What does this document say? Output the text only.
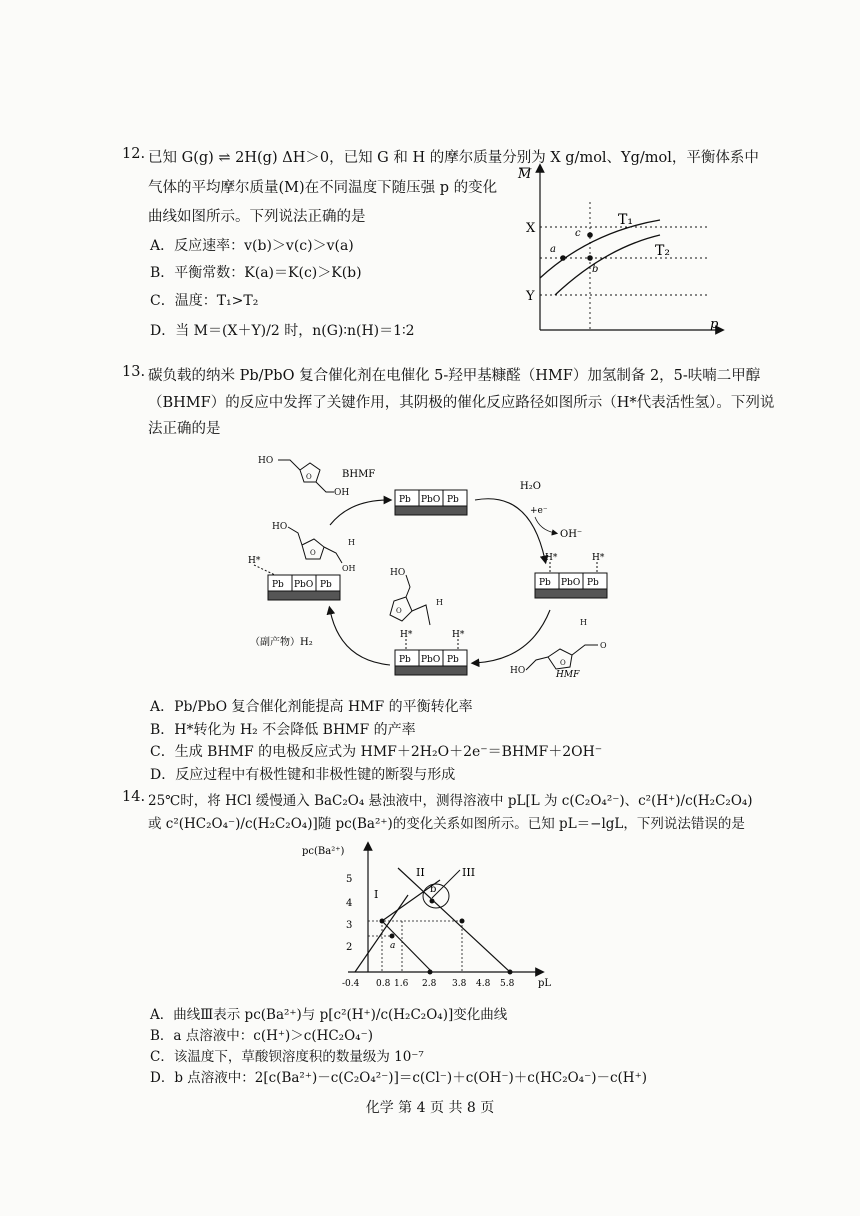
12. 已知 G(g) ⇌ 2H(g) ΔH＞0，已知 G 和 H 的摩尔质量分别为 X g/mol、Yg/mol，平衡体系中
气体的平均摩尔质量(M)在不同温度下随压强 p 的变化
曲线如图所示。下列说法正确的是
A．反应速率：v(b)＞v(c)＞v(a)
B．平衡常数：K(a)＝K(c)＞K(b)
C．温度：T₁>T₂
D．当 M＝(X＋Y)/2 时，n(G)∶n(H)＝1∶2
M
p
X
Y
T₁
T₂
a
c
b
13. 碳负载的纳米 Pb/PbO 复合催化剂在电催化 5-羟甲基糠醛（HMF）加氢制备 2，5-呋喃二甲醇
（BHMF）的反应中发挥了关键作用，其阴极的催化反应路径如图所示（H*代表活性氢）。下列说
法正确的是
Pb PbO Pb
Pb PbO Pb
Pb PbO Pb
Pb PbO Pb
H*	H*
H*	H*
H*
H₂O
+e⁻
OH⁻
（副产物）H₂
BHMF
HMF
HO
O
OH
HO
O
OH
H
HO
O
H
HO
O
O
H
A．Pb/PbO 复合催化剂能提高 HMF 的平衡转化率
B．H*转化为 H₂ 不会降低 BHMF 的产率
C．生成 BHMF 的电极反应式为 HMF＋2H₂O＋2e⁻＝BHMF＋2OH⁻
D．反应过程中有极性键和非极性键的断裂与形成
14. 25℃时，将 HCl 缓慢通入 BaC₂O₄ 悬浊液中，测得溶液中 pL[L 为 c(C₂O₄²⁻)、c²(H⁺)/c(H₂C₂O₄)
或 c²(HC₂O₄⁻)/c(H₂C₂O₄)]随 pc(Ba²⁺)的变化关系如图所示。已知 pL＝−lgL，下列说法错误的是
pc(Ba²⁺)
pL
5
4
3
2
-0.4 0.8 1.6 2.8 3.8 4.8 5.8
I
II	III
a
b
A．曲线Ⅲ表示 pc(Ba²⁺)与 p[c²(H⁺)/c(H₂C₂O₄)]变化曲线
B．a 点溶液中：c(H⁺)＞c(HC₂O₄⁻)
C．该温度下，草酸钡溶度积的数量级为 10⁻⁷
D．b 点溶液中：2[c(Ba²⁺)－c(C₂O₄²⁻)]＝c(Cl⁻)＋c(OH⁻)＋c(HC₂O₄⁻)－c(H⁺)
化学 第 4 页 共 8 页
